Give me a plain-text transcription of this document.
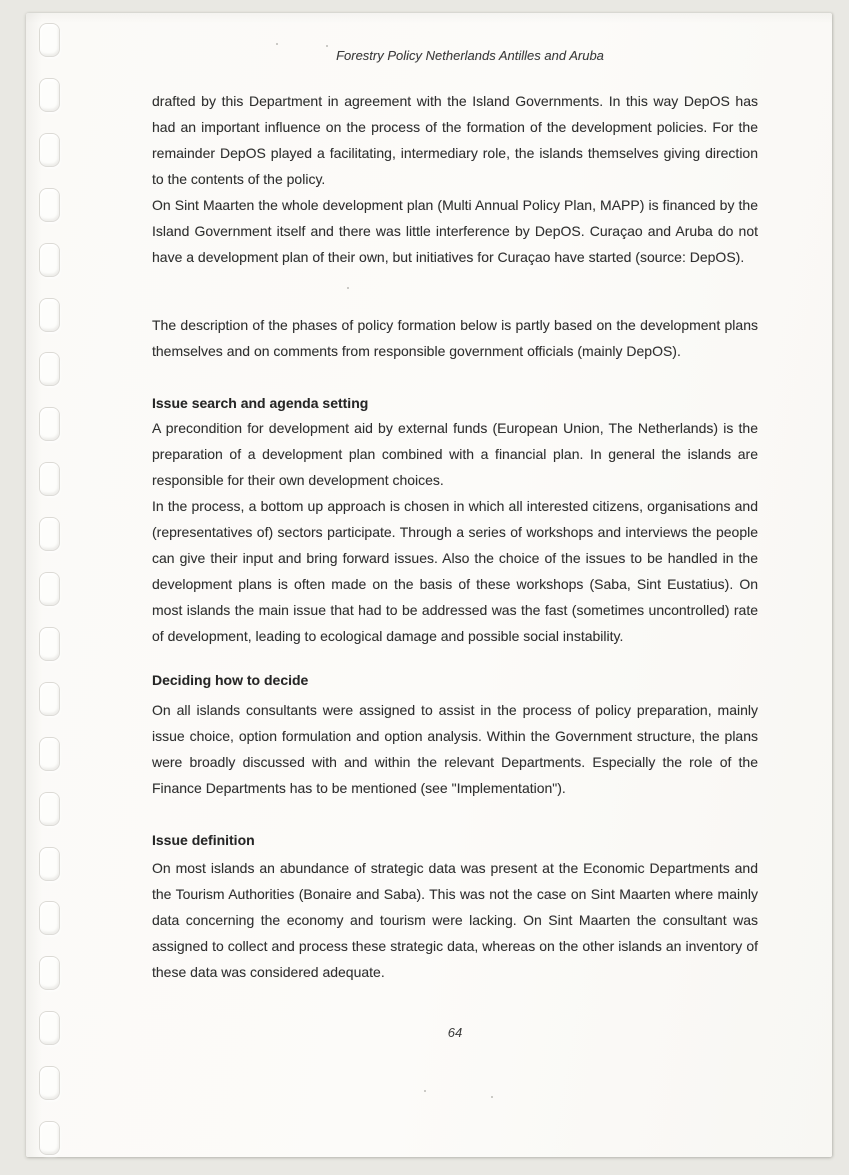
Forestry Policy Netherlands Antilles and Aruba
drafted by this Department in agreement with the Island Governments. In this way DepOS has had an important influence on the process of the formation of the development policies. For the remainder DepOS played a facilitating, intermediary role, the islands themselves giving direction to the contents of the policy.
On Sint Maarten the whole development plan (Multi Annual Policy Plan, MAPP) is financed by the Island Government itself and there was little interference by DepOS. Curaçao and Aruba do not have a development plan of their own, but initiatives for Curaçao have started (source: DepOS).
The description of the phases of policy formation below is partly based on the development plans themselves and on comments from responsible government officials (mainly DepOS).
Issue search and agenda setting
A precondition for development aid by external funds (European Union, The Netherlands) is the preparation of a development plan combined with a financial plan. In general the islands are responsible for their own development choices.
In the process, a bottom up approach is chosen in which all interested citizens, organisations and (representatives of) sectors participate. Through a series of workshops and interviews the people can give their input and bring forward issues. Also the choice of the issues to be handled in the development plans is often made on the basis of these workshops (Saba, Sint Eustatius). On most islands the main issue that had to be addressed was the fast (sometimes uncontrolled) rate of development, leading to ecological damage and possible social instability.
Deciding how to decide
On all islands consultants were assigned to assist in the process of policy preparation, mainly issue choice, option formulation and option analysis. Within the Government structure, the plans were broadly discussed with and within the relevant Departments. Especially the role of the Finance Departments has to be mentioned (see "Implementation").
Issue definition
On most islands an abundance of strategic data was present at the Economic Departments and the Tourism Authorities (Bonaire and Saba). This was not the case on Sint Maarten where mainly data concerning the economy and tourism were lacking. On Sint Maarten the consultant was assigned to collect and process these strategic data, whereas on the other islands an inventory of these data was considered adequate.
64
